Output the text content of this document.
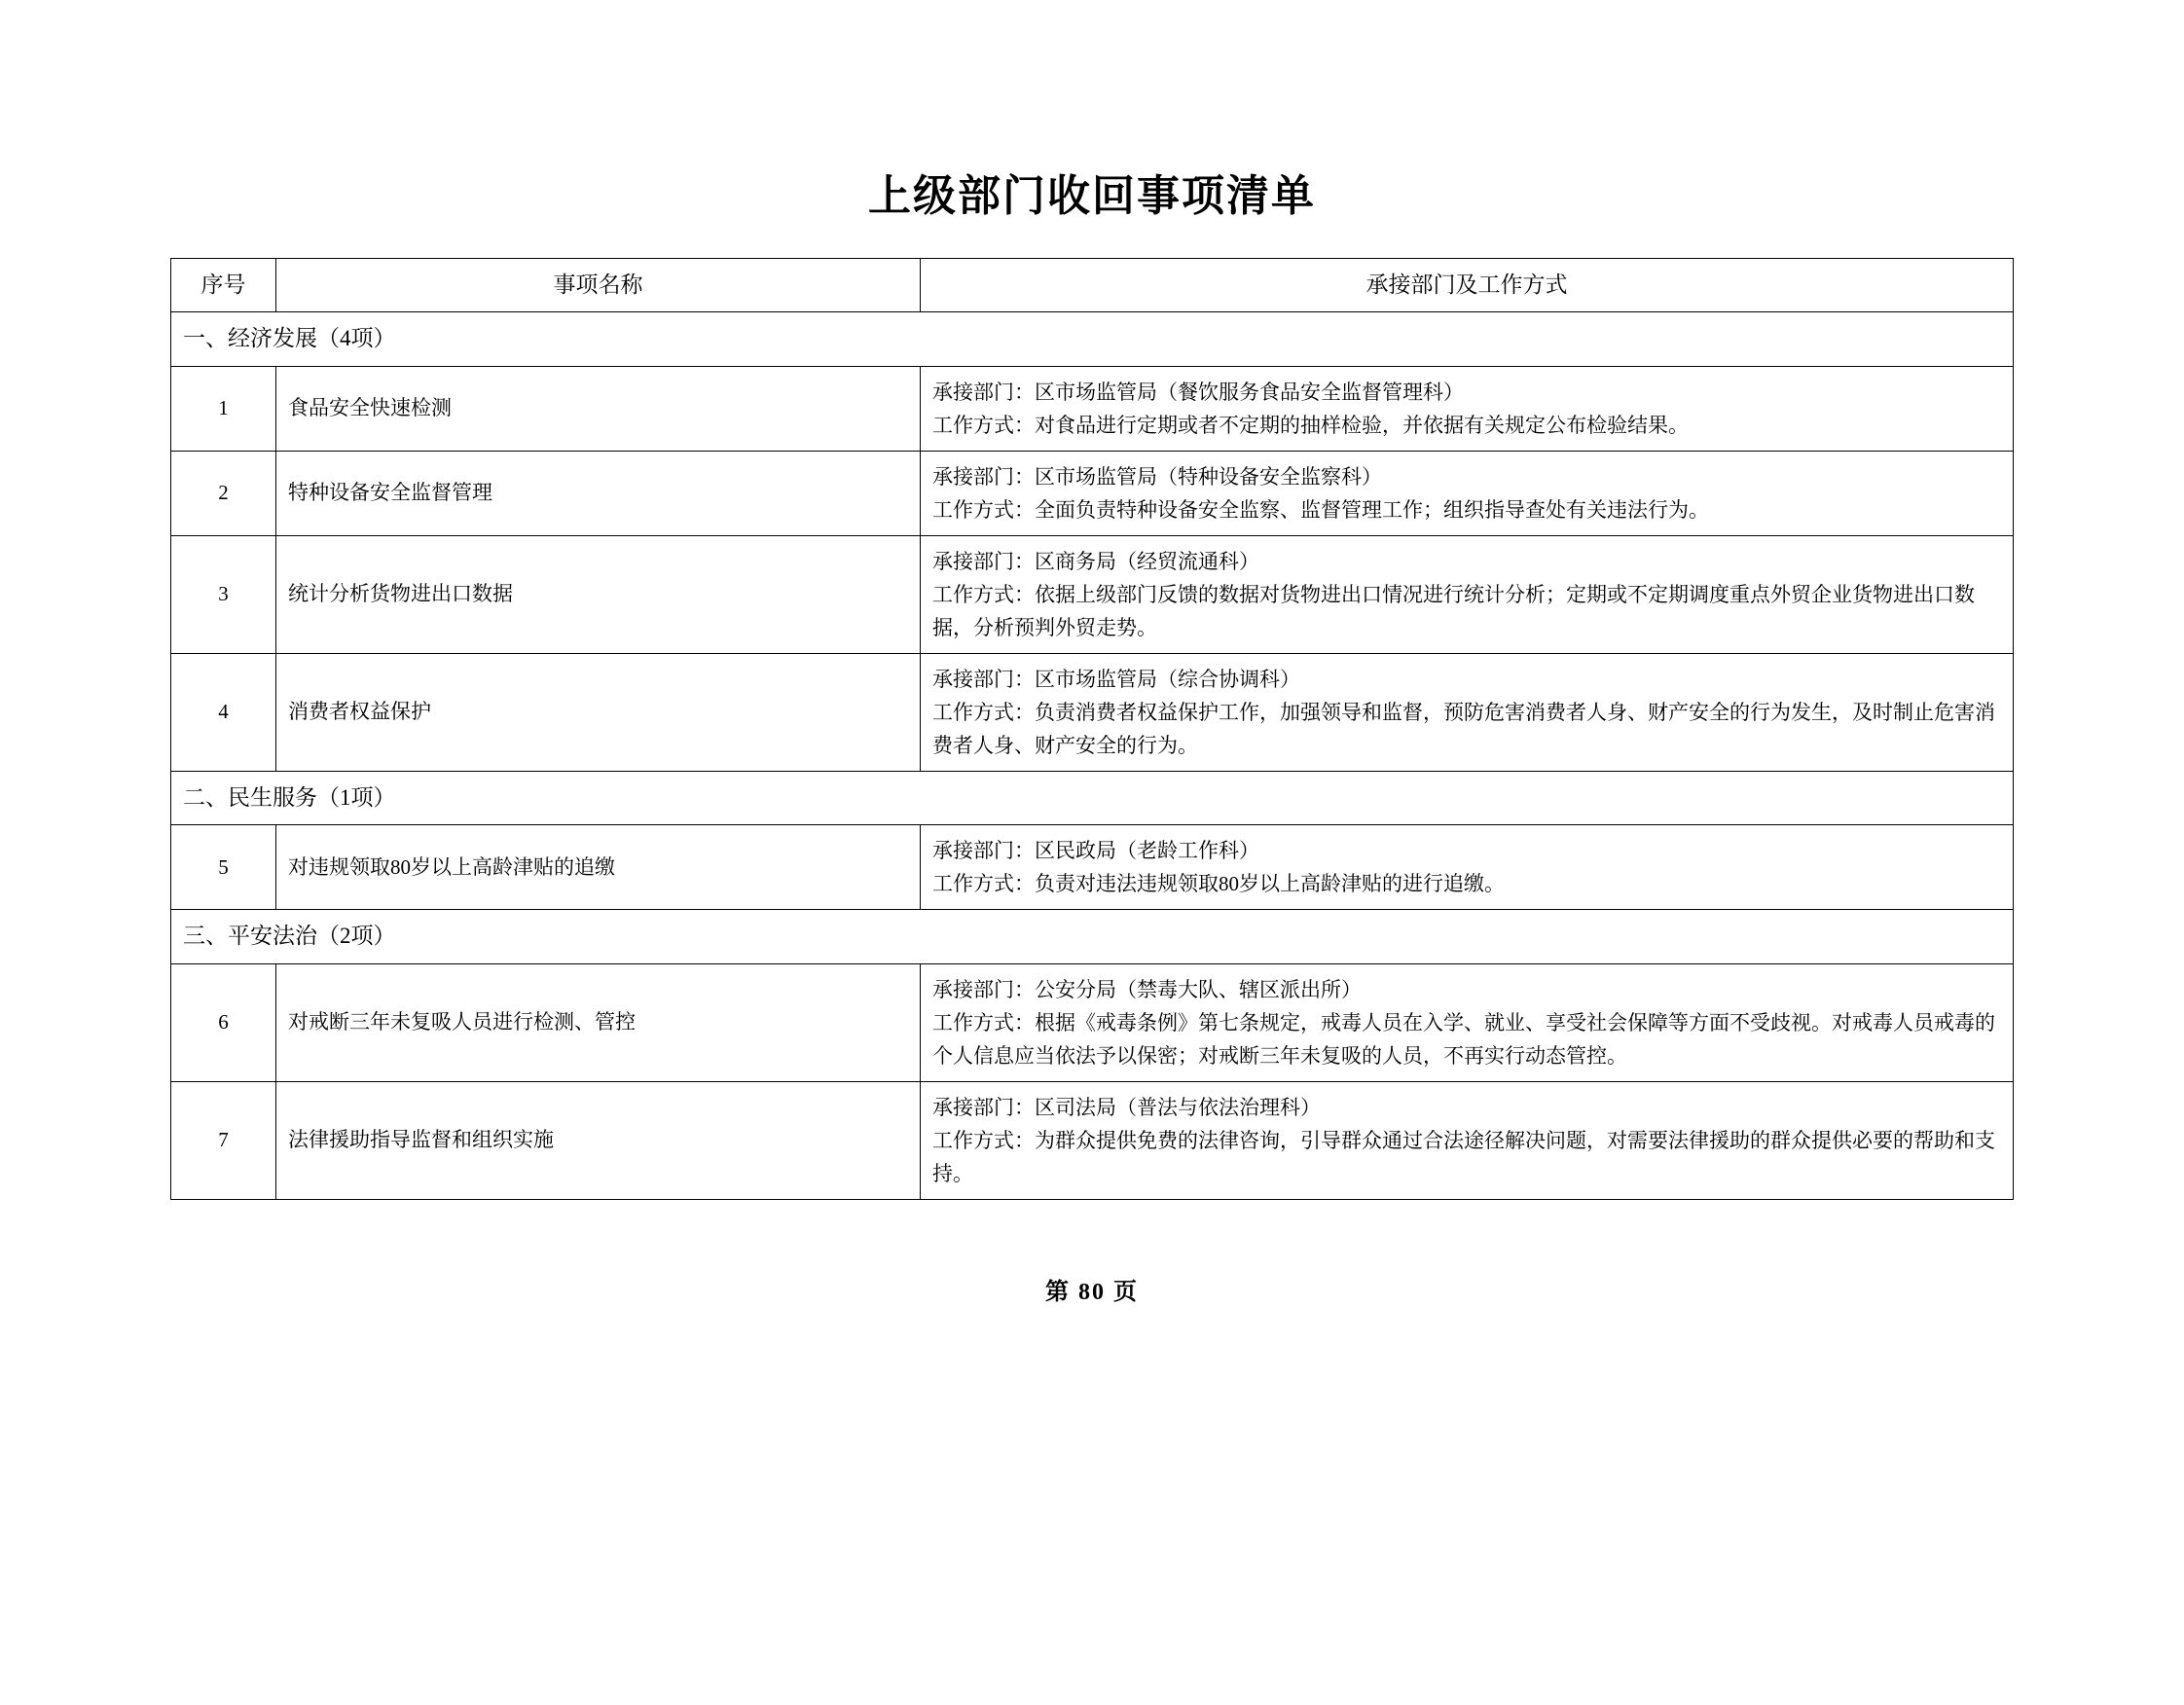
上级部门收回事项清单
序号	事项名称	承接部门及工作方式
一、经济发展（4项）		
1	食品安全快速检测	承接部门：区市场监管局（餐饮服务食品安全监督管理科）
工作方式：对食品进行定期或者不定期的抽样检验，并依据有关规定公布检验结果。

2	特种设备安全监督管理	承接部门：区市场监管局（特种设备安全监察科）
工作方式：全面负责特种设备安全监察、监督管理工作；组织指导查处有关违法行为。

3	统计分析货物进出口数据	承接部门：区商务局（经贸流通科）
工作方式：依据上级部门反馈的数据对货物进出口情况进行统计分析；定期或不定期调度重点外贸企业货物进出口数据，分析预判外贸走势。

4	消费者权益保护	承接部门：区市场监管局（综合协调科）
工作方式：负责消费者权益保护工作，加强领导和监督，预防危害消费者人身、财产安全的行为发生，及时制止危害消费者人身、财产安全的行为。

二、民生服务（1项）		
5	对违规领取80岁以上高龄津贴的追缴	承接部门：区民政局（老龄工作科）
工作方式：负责对违法违规领取80岁以上高龄津贴的进行追缴。

三、平安法治（2项）		
6	对戒断三年未复吸人员进行检测、管控	承接部门：公安分局（禁毒大队、辖区派出所）
工作方式：根据《戒毒条例》第七条规定，戒毒人员在入学、就业、享受社会保障等方面不受歧视。对戒毒人员戒毒的个人信息应当依法予以保密；对戒断三年未复吸的人员，不再实行动态管控。

7	法律援助指导监督和组织实施	承接部门：区司法局（普法与依法治理科）
工作方式：为群众提供免费的法律咨询，引导群众通过合法途径解决问题，对需要法律援助的群众提供必要的帮助和支持。
第 80 页
